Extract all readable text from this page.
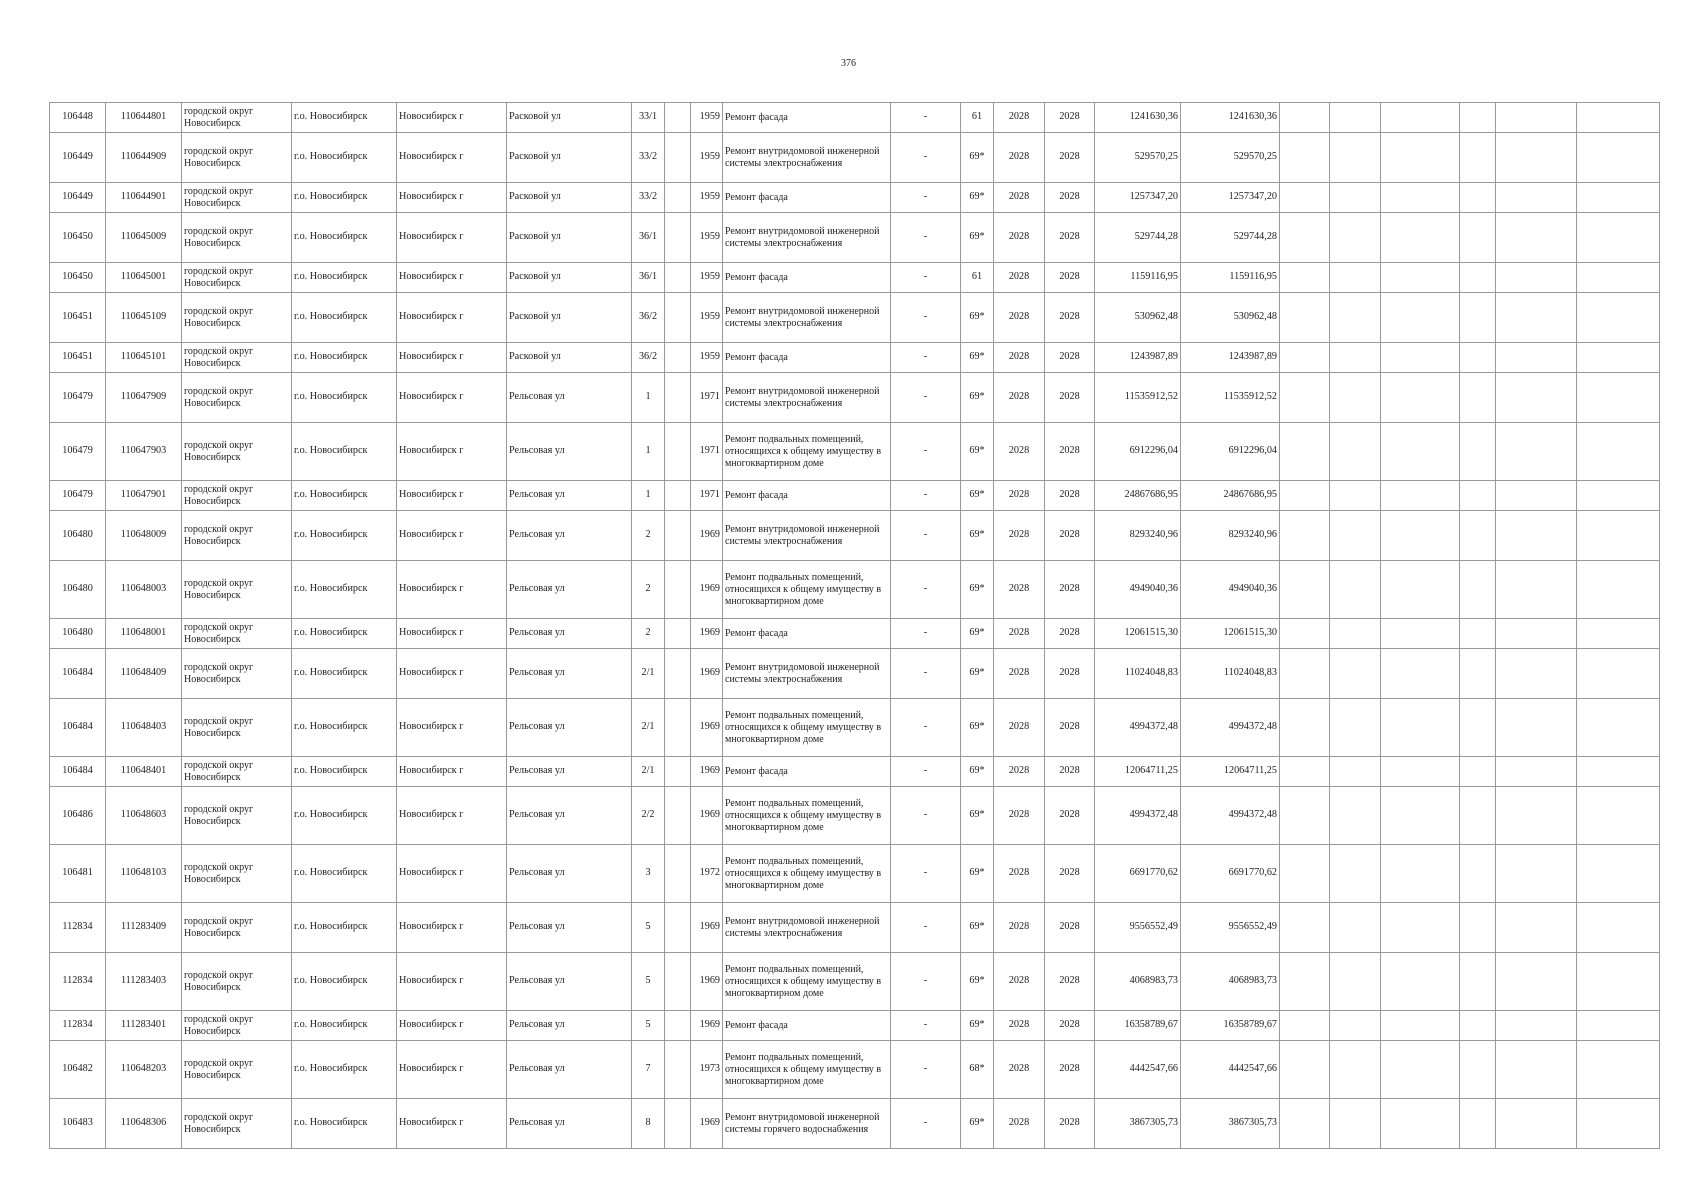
376
106448	110644801	городской округ Новосибирск	г.о. Новосибирск	Новосибирск г	Расковой ул	33/1		1959	Ремонт фасада	-	61	2028	2028	1241630,36	1241630,36						
106449	110644909	городской округ Новосибирск	г.о. Новосибирск	Новосибирск г	Расковой ул	33/2		1959	Ремонт внутридомовой инженерной системы электроснабжения	-	69*	2028	2028	529570,25	529570,25						
106449	110644901	городской округ Новосибирск	г.о. Новосибирск	Новосибирск г	Расковой ул	33/2		1959	Ремонт фасада	-	69*	2028	2028	1257347,20	1257347,20						
106450	110645009	городской округ Новосибирск	г.о. Новосибирск	Новосибирск г	Расковой ул	36/1		1959	Ремонт внутридомовой инженерной системы электроснабжения	-	69*	2028	2028	529744,28	529744,28						
106450	110645001	городской округ Новосибирск	г.о. Новосибирск	Новосибирск г	Расковой ул	36/1		1959	Ремонт фасада	-	61	2028	2028	1159116,95	1159116,95						
106451	110645109	городской округ Новосибирск	г.о. Новосибирск	Новосибирск г	Расковой ул	36/2		1959	Ремонт внутридомовой инженерной системы электроснабжения	-	69*	2028	2028	530962,48	530962,48						
106451	110645101	городской округ Новосибирск	г.о. Новосибирск	Новосибирск г	Расковой ул	36/2		1959	Ремонт фасада	-	69*	2028	2028	1243987,89	1243987,89						
106479	110647909	городской округ Новосибирск	г.о. Новосибирск	Новосибирск г	Рельсовая ул	1		1971	Ремонт внутридомовой инженерной системы электроснабжения	-	69*	2028	2028	11535912,52	11535912,52						
106479	110647903	городской округ Новосибирск	г.о. Новосибирск	Новосибирск г	Рельсовая ул	1		1971	Ремонт подвальных помещений, относящихся к общему имуществу в многоквартирном доме	-	69*	2028	2028	6912296,04	6912296,04						
106479	110647901	городской округ Новосибирск	г.о. Новосибирск	Новосибирск г	Рельсовая ул	1		1971	Ремонт фасада	-	69*	2028	2028	24867686,95	24867686,95						
106480	110648009	городской округ Новосибирск	г.о. Новосибирск	Новосибирск г	Рельсовая ул	2		1969	Ремонт внутридомовой инженерной системы электроснабжения	-	69*	2028	2028	8293240,96	8293240,96						
106480	110648003	городской округ Новосибирск	г.о. Новосибирск	Новосибирск г	Рельсовая ул	2		1969	Ремонт подвальных помещений, относящихся к общему имуществу в многоквартирном доме	-	69*	2028	2028	4949040,36	4949040,36						
106480	110648001	городской округ Новосибирск	г.о. Новосибирск	Новосибирск г	Рельсовая ул	2		1969	Ремонт фасада	-	69*	2028	2028	12061515,30	12061515,30						
106484	110648409	городской округ Новосибирск	г.о. Новосибирск	Новосибирск г	Рельсовая ул	2/1		1969	Ремонт внутридомовой инженерной системы электроснабжения	-	69*	2028	2028	11024048,83	11024048,83						
106484	110648403	городской округ Новосибирск	г.о. Новосибирск	Новосибирск г	Рельсовая ул	2/1		1969	Ремонт подвальных помещений, относящихся к общему имуществу в многоквартирном доме	-	69*	2028	2028	4994372,48	4994372,48						
106484	110648401	городской округ Новосибирск	г.о. Новосибирск	Новосибирск г	Рельсовая ул	2/1		1969	Ремонт фасада	-	69*	2028	2028	12064711,25	12064711,25						
106486	110648603	городской округ Новосибирск	г.о. Новосибирск	Новосибирск г	Рельсовая ул	2/2		1969	Ремонт подвальных помещений, относящихся к общему имуществу в многоквартирном доме	-	69*	2028	2028	4994372,48	4994372,48						
106481	110648103	городской округ Новосибирск	г.о. Новосибирск	Новосибирск г	Рельсовая ул	3		1972	Ремонт подвальных помещений, относящихся к общему имуществу в многоквартирном доме	-	69*	2028	2028	6691770,62	6691770,62						
112834	111283409	городской округ Новосибирск	г.о. Новосибирск	Новосибирск г	Рельсовая ул	5		1969	Ремонт внутридомовой инженерной системы электроснабжения	-	69*	2028	2028	9556552,49	9556552,49						
112834	111283403	городской округ Новосибирск	г.о. Новосибирск	Новосибирск г	Рельсовая ул	5		1969	Ремонт подвальных помещений, относящихся к общему имуществу в многоквартирном доме	-	69*	2028	2028	4068983,73	4068983,73						
112834	111283401	городской округ Новосибирск	г.о. Новосибирск	Новосибирск г	Рельсовая ул	5		1969	Ремонт фасада	-	69*	2028	2028	16358789,67	16358789,67						
106482	110648203	городской округ Новосибирск	г.о. Новосибирск	Новосибирск г	Рельсовая ул	7		1973	Ремонт подвальных помещений, относящихся к общему имуществу в многоквартирном доме	-	68*	2028	2028	4442547,66	4442547,66						
106483	110648306	городской округ Новосибирск	г.о. Новосибирск	Новосибирск г	Рельсовая ул	8		1969	Ремонт внутридомовой инженерной системы горячего водоснабжения	-	69*	2028	2028	3867305,73	3867305,73						
